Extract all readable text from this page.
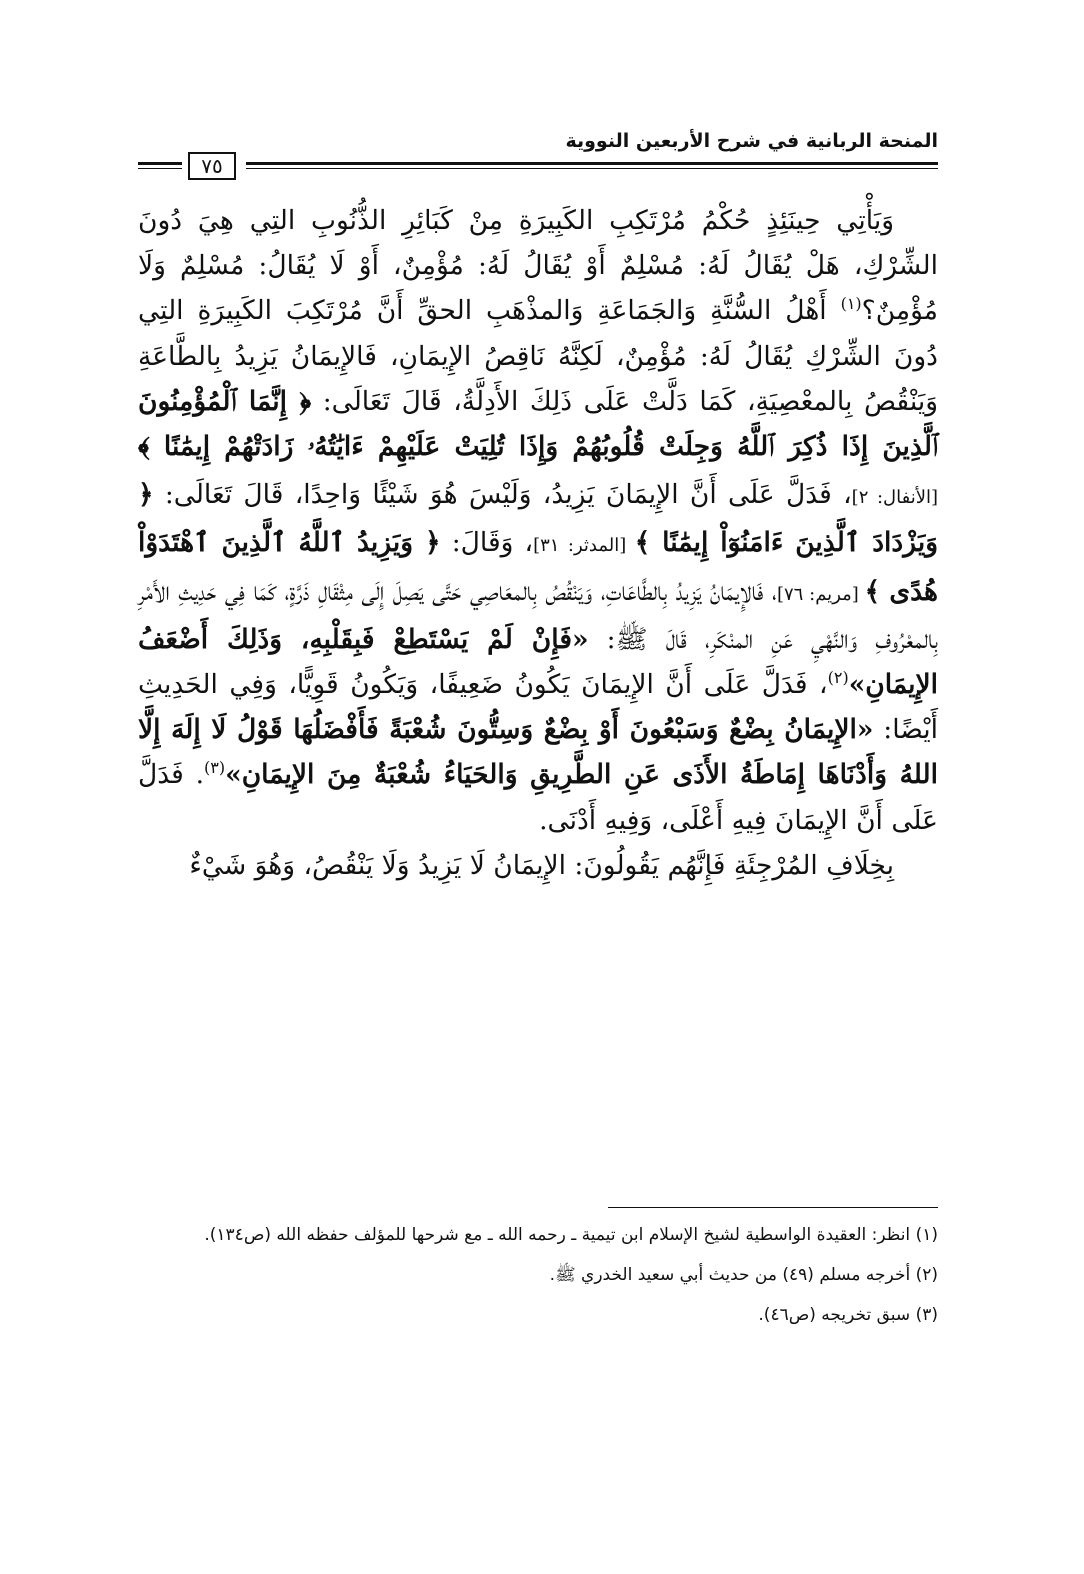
المنحة الربانية في شرح الأربعين النووية
٧٥

وَيَأْتِي حِينَئِذٍ حُكْمُ مُرْتَكِبِ الكَبِيرَةِ مِنْ كَبَائِرِ الذُّنُوبِ التِي هِيَ دُونَ الشِّرْكِ، هَلْ يُقَالُ لَهُ: مُسْلِمٌ أَوْ يُقَالُ لَهُ: مُؤْمِنٌ، أَوْ لَا يُقَالُ: مُسْلِمٌ وَلَا مُؤْمِنٌ؟$^{(١)}$ أَهْلُ السُّنَّةِ وَالجَمَاعَةِ وَالمذْهَبِ الحقِّ أَنَّ مُرْتَكِبَ الكَبِيرَةِ التِي دُونَ الشِّرْكِ يُقَالُ لَهُ: مُؤْمِنٌ، لَكِنَّهُ نَاقِصُ الإِيمَانِ، فَالإِيمَانُ يَزِيدُ بِالطَّاعَةِ وَيَنْقُصُ بِالمعْصِيَةِ، كَمَا دَلَّتْ عَلَى ذَلِكَ الأَدِلَّةُ، قَالَ تَعَالَى: ﴿ إِنَّمَا ٱلْمُؤْمِنُونَ ٱلَّذِينَ إِذَا ذُكِرَ ٱللَّهُ وَجِلَتْ قُلُوبُهُمْ وَإِذَا تُلِيَتْ عَلَيْهِمْ ءَايَٰتُهُۥ زَادَتْهُمْ إِيمَٰنًا ﴾ [الأنفال: ٢]، فَدَلَّ عَلَى أَنَّ الإِيمَانَ يَزِيدُ، وَلَيْسَ هُوَ شَيْئًا وَاحِدًا، قَالَ تَعَالَى: ﴿ وَيَزْدَادَ ٱلَّذِينَ ءَامَنُوٓاْ إِيمَٰنًا ﴾ [المدثر: ٣١]، وَقَالَ: ﴿ وَيَزِيدُ ٱللَّهُ ٱلَّذِينَ ٱهْتَدَوْاْ هُدًى ﴾ [مريم: ٧٦]، فَالإِيمَانُ يَزِيدُ بِالطَّاعَاتِ، وَيَنْقُصُ بِالمعَاصِي حَتَّى يَصِلَ إِلَى مِثْقَالِ ذَرَّةٍ، كَمَا فِي حَدِيثِ الأَمْرِ بِالمعْرُوفِ وَالنَّهْيِ عَنِ المنْكَرِ، قَالَ ﷺ: «فَإِنْ لَمْ يَسْتَطِعْ فَبِقَلْبِهِ، وَذَلِكَ أَضْعَفُ الإِيمَانِ»$^{(٢)}$، فَدَلَّ عَلَى أَنَّ الإِيمَانَ يَكُونُ ضَعِيفًا، وَيَكُونُ قَوِيًّا، وَفِي الحَدِيثِ أَيْضًا: «الإِيمَانُ بِضْعٌ وَسَبْعُونَ أَوْ بِضْعٌ وَسِتُّونَ شُعْبَةً فَأَفْضَلُهَا قَوْلُ لَا إِلَهَ إِلَّا اللهُ وَأَدْنَاهَا إِمَاطَةُ الأَذَى عَنِ الطَّرِيقِ وَالحَيَاءُ شُعْبَةٌ مِنَ الإِيمَانِ»$^{(٣)}$. فَدَلَّ عَلَى أَنَّ الإِيمَانَ فِيهِ أَعْلَى، وَفِيهِ أَدْنَى.

بِخِلَافِ المُرْجِئَةِ فَإِنَّهُم يَقُولُونَ: الإِيمَانُ لَا يَزِيدُ وَلَا يَنْقُصُ، وَهُوَ شَيْءٌ

(١) انظر: العقيدة الواسطية لشيخ الإسلام ابن تيمية ـ رحمه الله ـ مع شرحها للمؤلف حفظه الله (ص١٣٤).

(٢) أخرجه مسلم (٤٩) من حديث أبي سعيد الخدري ﷺ.

(٣) سبق تخريجه (ص٤٦).
